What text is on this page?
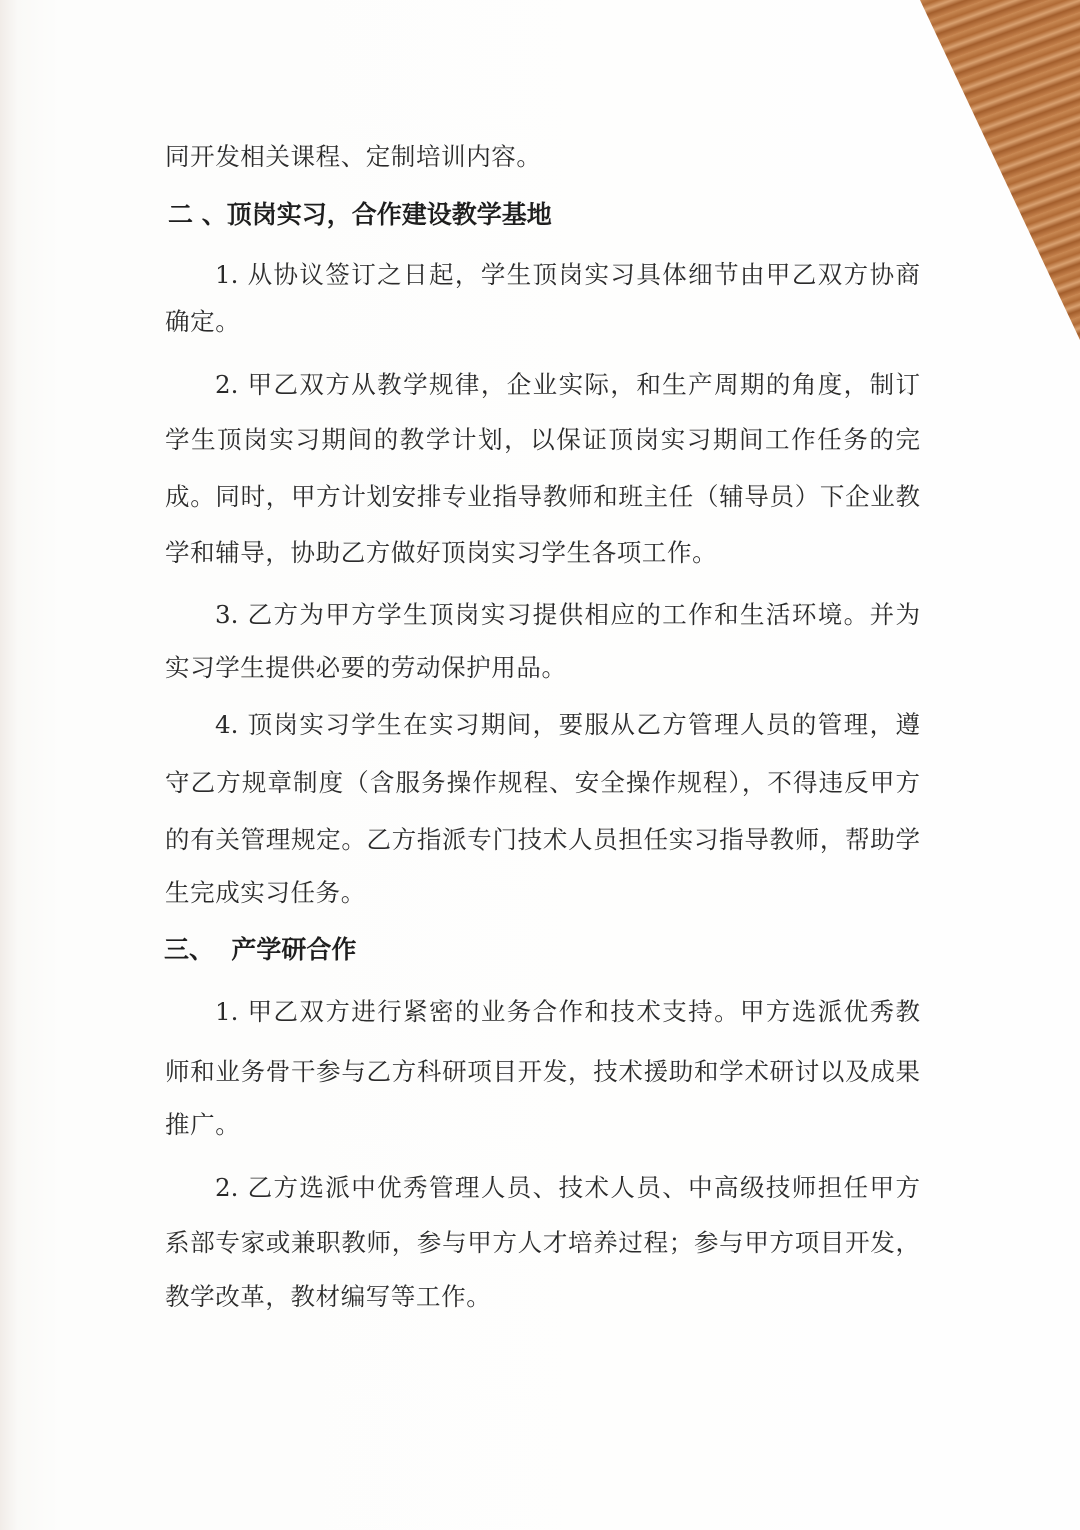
同开发相关课程、定制培训内容。
二 、顶岗实习，合作建设教学基地
1. 从协议签订之日起，学生顶岗实习具体细节由甲乙双方协商
确定。
2. 甲乙双方从教学规律，企业实际，和生产周期的角度，制订
学生顶岗实习期间的教学计划，以保证顶岗实习期间工作任务的完
成。同时，甲方计划安排专业指导教师和班主任（辅导员）下企业教
学和辅导，协助乙方做好顶岗实习学生各项工作。
3. 乙方为甲方学生顶岗实习提供相应的工作和生活环境。并为
实习学生提供必要的劳动保护用品。
4. 顶岗实习学生在实习期间，要服从乙方管理人员的管理，遵
守乙方规章制度（含服务操作规程、安全操作规程），不得违反甲方
的有关管理规定。乙方指派专门技术人员担任实习指导教师，帮助学
生完成实习任务。
三、  产学研合作
1. 甲乙双方进行紧密的业务合作和技术支持。甲方选派优秀教
师和业务骨干参与乙方科研项目开发，技术援助和学术研讨以及成果
推广。
2. 乙方选派中优秀管理人员、技术人员、中高级技师担任甲方
系部专家或兼职教师，参与甲方人才培养过程；参与甲方项目开发，
教学改革，教材编写等工作。
